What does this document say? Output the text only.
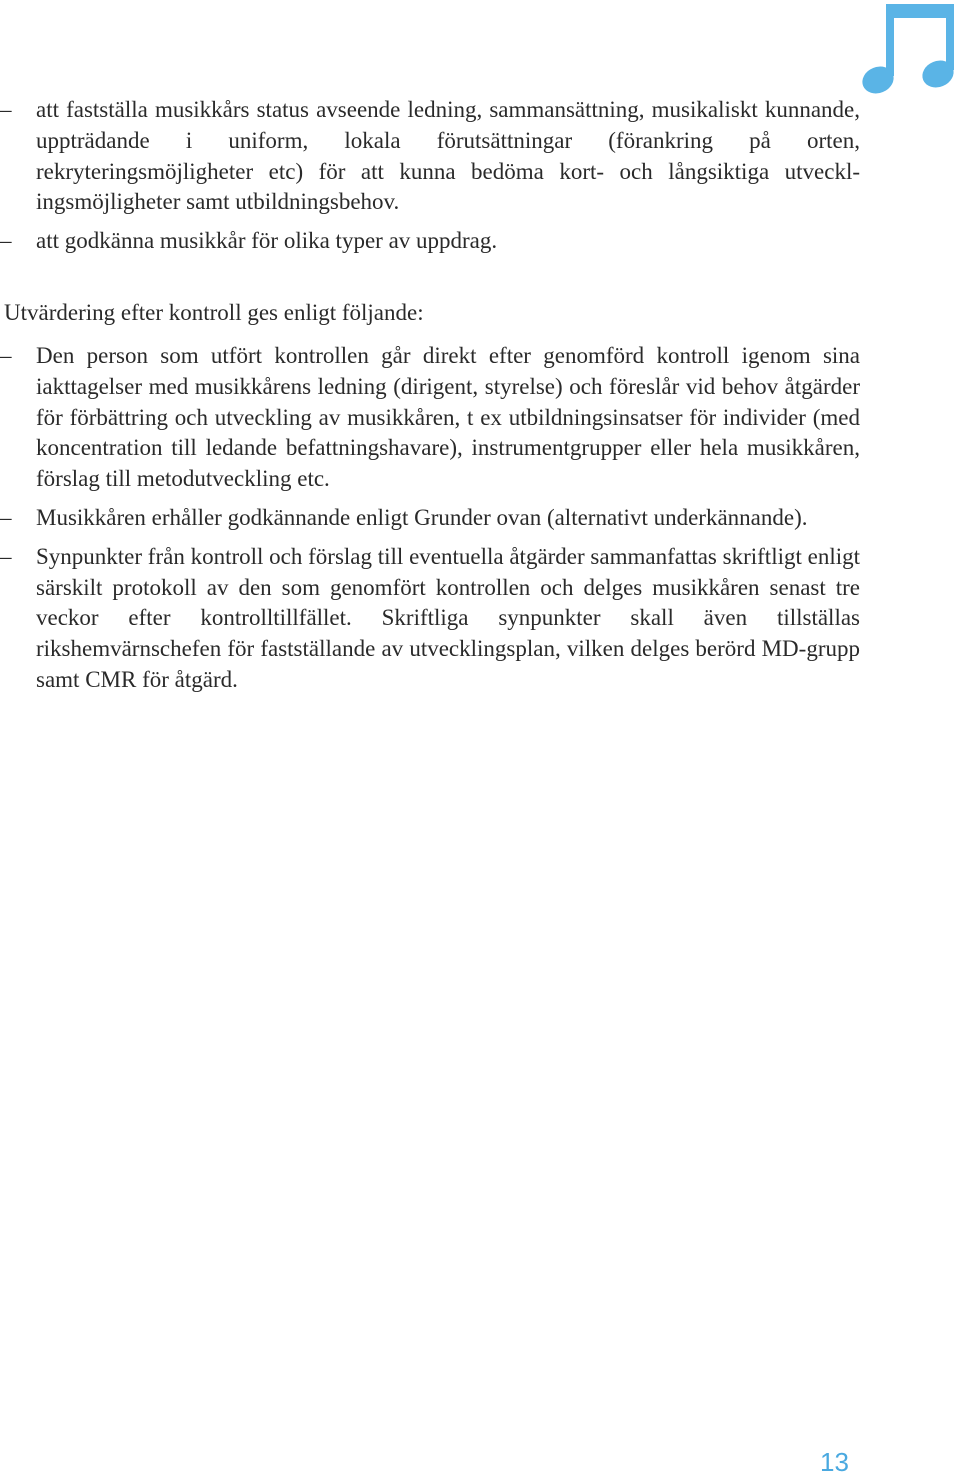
– att fastställa musikkårs status avseende ledning, sammansättning, musikaliskt kunnande, uppträdande i uniform, lokala förutsättningar (förankring på orten, rekryteringsmöjligheter etc) för att kunna bedöma kort- och långsiktiga utvecklingsmöjligheter samt utbildningsbehov.
– att godkänna musikkår för olika typer av uppdrag.

Utvärdering efter kontroll ges enligt följande:

– Den person som utfört kontrollen går direkt efter genomförd kontroll igenom sina iakttagelser med musikkårens ledning (dirigent, styrelse) och föreslår vid behov åtgärder för förbättring och utveckling av musikkåren, t ex utbildningsinsatser för individer (med koncentration till ledande befattningshavare), instrumentgrupper eller hela musikkåren, förslag till metodutveckling etc.
– Musikkåren erhåller godkännande enligt Grunder ovan (alternativt underkännande).
– Synpunkter från kontroll och förslag till eventuella åtgärder sammanfattas skriftligt enligt särskilt protokoll av den som genomfört kontrollen och delges musikkåren senast tre veckor efter kontrolltillfället. Skriftliga synpunkter skall även tillställas rikshemvärnschefen för fastställande av utvecklingsplan, vilken delges berörd MD-grupp samt CMR för åtgärd.
13
